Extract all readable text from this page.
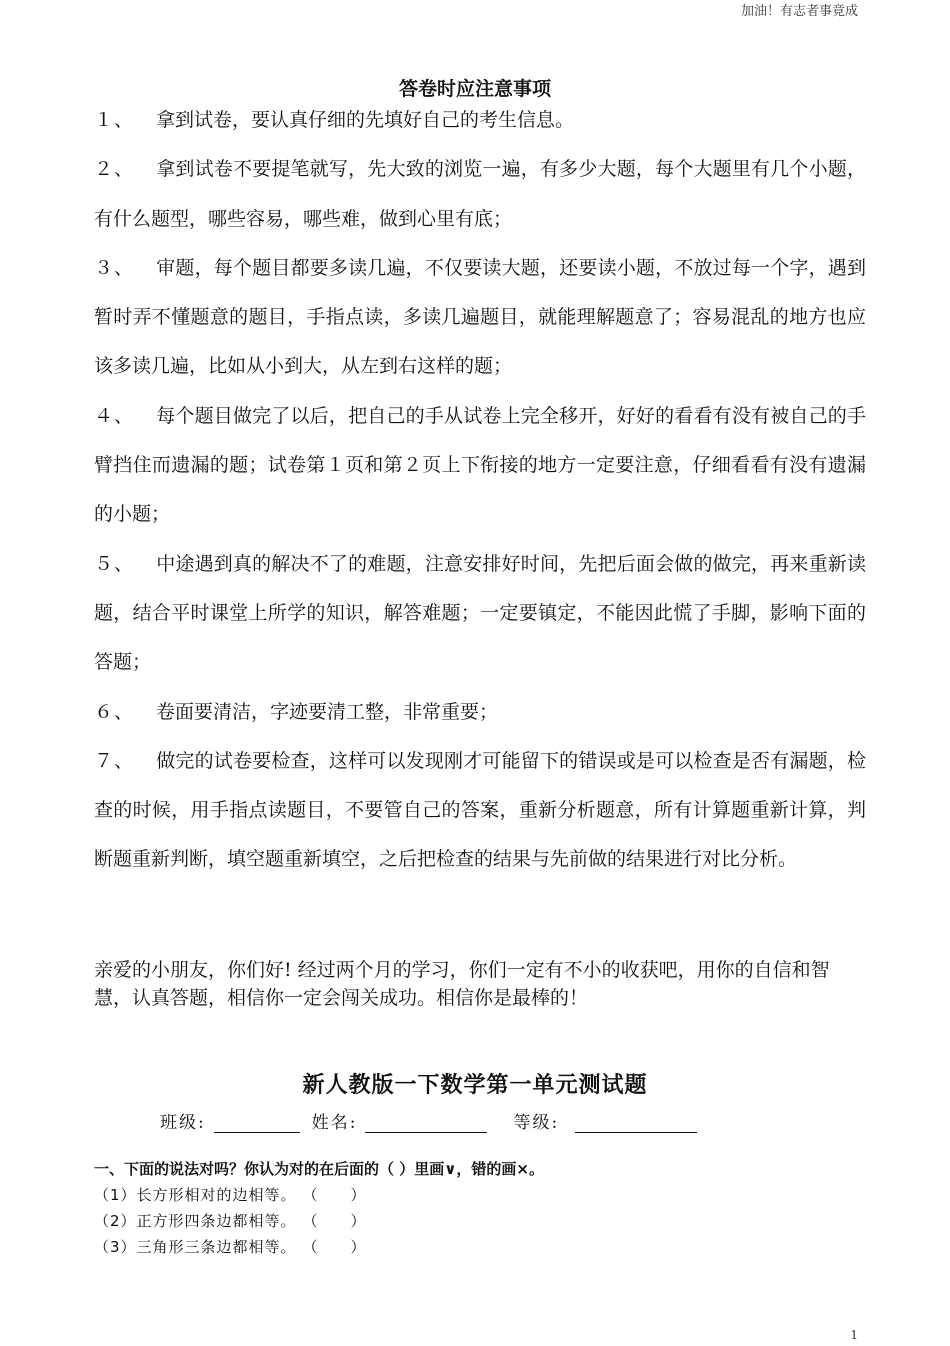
加油！有志者事竟成
答卷时应注意事项

１、 拿到试卷，要认真仔细的先填好自己的考生信息。

２、 拿到试卷不要提笔就写，先大致的浏览一遍，有多少大题，每个大题里有几个小题，有什么题型，哪些容易，哪些难，做到心里有底；

３、 审题，每个题目都要多读几遍，不仅要读大题，还要读小题，不放过每一个字，遇到暂时弄不懂题意的题目，手指点读，多读几遍题目，就能理解题意了；容易混乱的地方也应该多读几遍，比如从小到大，从左到右这样的题；

４、 每个题目做完了以后，把自己的手从试卷上完全移开，好好的看看有没有被自己的手臂挡住而遗漏的题；试卷第１页和第２页上下衔接的地方一定要注意，仔细看看有没有遗漏的小题；

５、 中途遇到真的解决不了的难题，注意安排好时间，先把后面会做的做完，再来重新读题，结合平时课堂上所学的知识，解答难题；一定要镇定，不能因此慌了手脚，影响下面的答题；

６、 卷面要清洁，字迹要清工整，非常重要；

７、 做完的试卷要检查，这样可以发现刚才可能留下的错误或是可以检查是否有漏题，检查的时候，用手指点读题目，不要管自己的答案，重新分析题意，所有计算题重新计算，判断题重新判断，填空题重新填空，之后把检查的结果与先前做的结果进行对比分析。

亲爱的小朋友，你们好! 经过两个月的学习，你们一定有不小的收获吧，用你的自信和智慧，认真答题，相信你一定会闯关成功。相信你是最棒的！

新人教版一下数学第一单元测试题
班级:	姓名:	等级:
一、下面的说法对吗？你认为对的在后面的（ ）里画∨，错的画×。
（1）长方形相对的边相等。 （　　）
（2）正方形四条边都相等。 （　　）
（3）三角形三条边都相等。 （　　）
1
